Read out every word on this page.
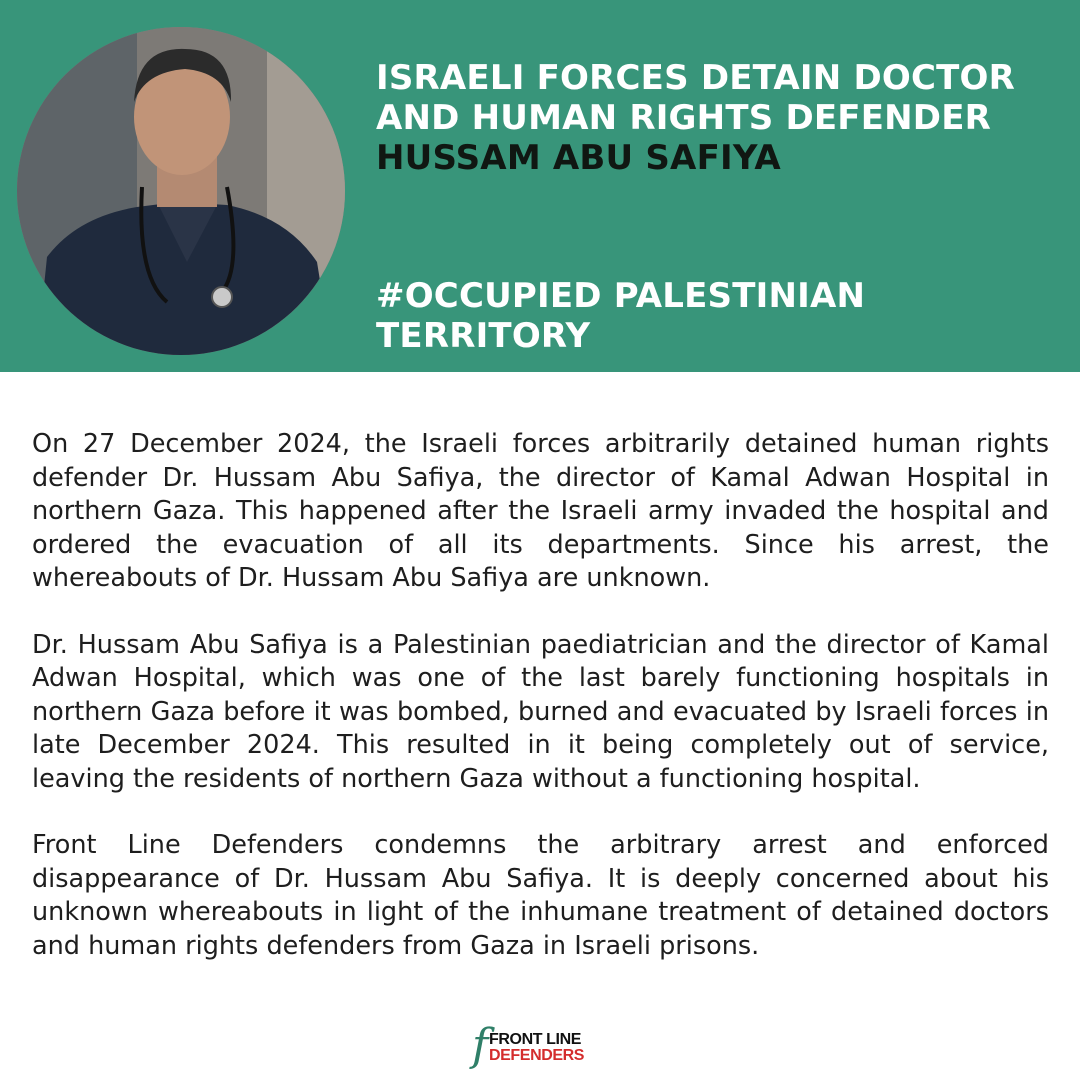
ISRAELI FORCES DETAIN DOCTOR AND HUMAN RIGHTS DEFENDER HUSSAM ABU SAFIYA
#OCCUPIED PALESTINIAN TERRITORY

On 27 December 2024, the Israeli forces arbitrarily detained human rights defender Dr. Hussam Abu Safiya, the director of Kamal Adwan Hospital in northern Gaza. This happened after the Israeli army invaded the hospital and ordered the evacuation of all its departments. Since his arrest, the whereabouts of Dr. Hussam Abu Safiya are unknown.

Dr. Hussam Abu Safiya is a Palestinian paediatrician and the director of Kamal Adwan Hospital, which was one of the last barely functioning hospitals in northern Gaza before it was bombed, burned and evacuated by Israeli forces in late December 2024. This resulted in it being completely out of service, leaving the residents of northern Gaza without a functioning hospital.

Front Line Defenders condemns the arbitrary arrest and enforced disappearance of Dr. Hussam Abu Safiya. It is deeply concerned about his unknown whereabouts in light of the inhumane treatment of detained doctors and human rights defenders from Gaza in Israeli prisons.

f FRONT LINE
DEFENDERS
